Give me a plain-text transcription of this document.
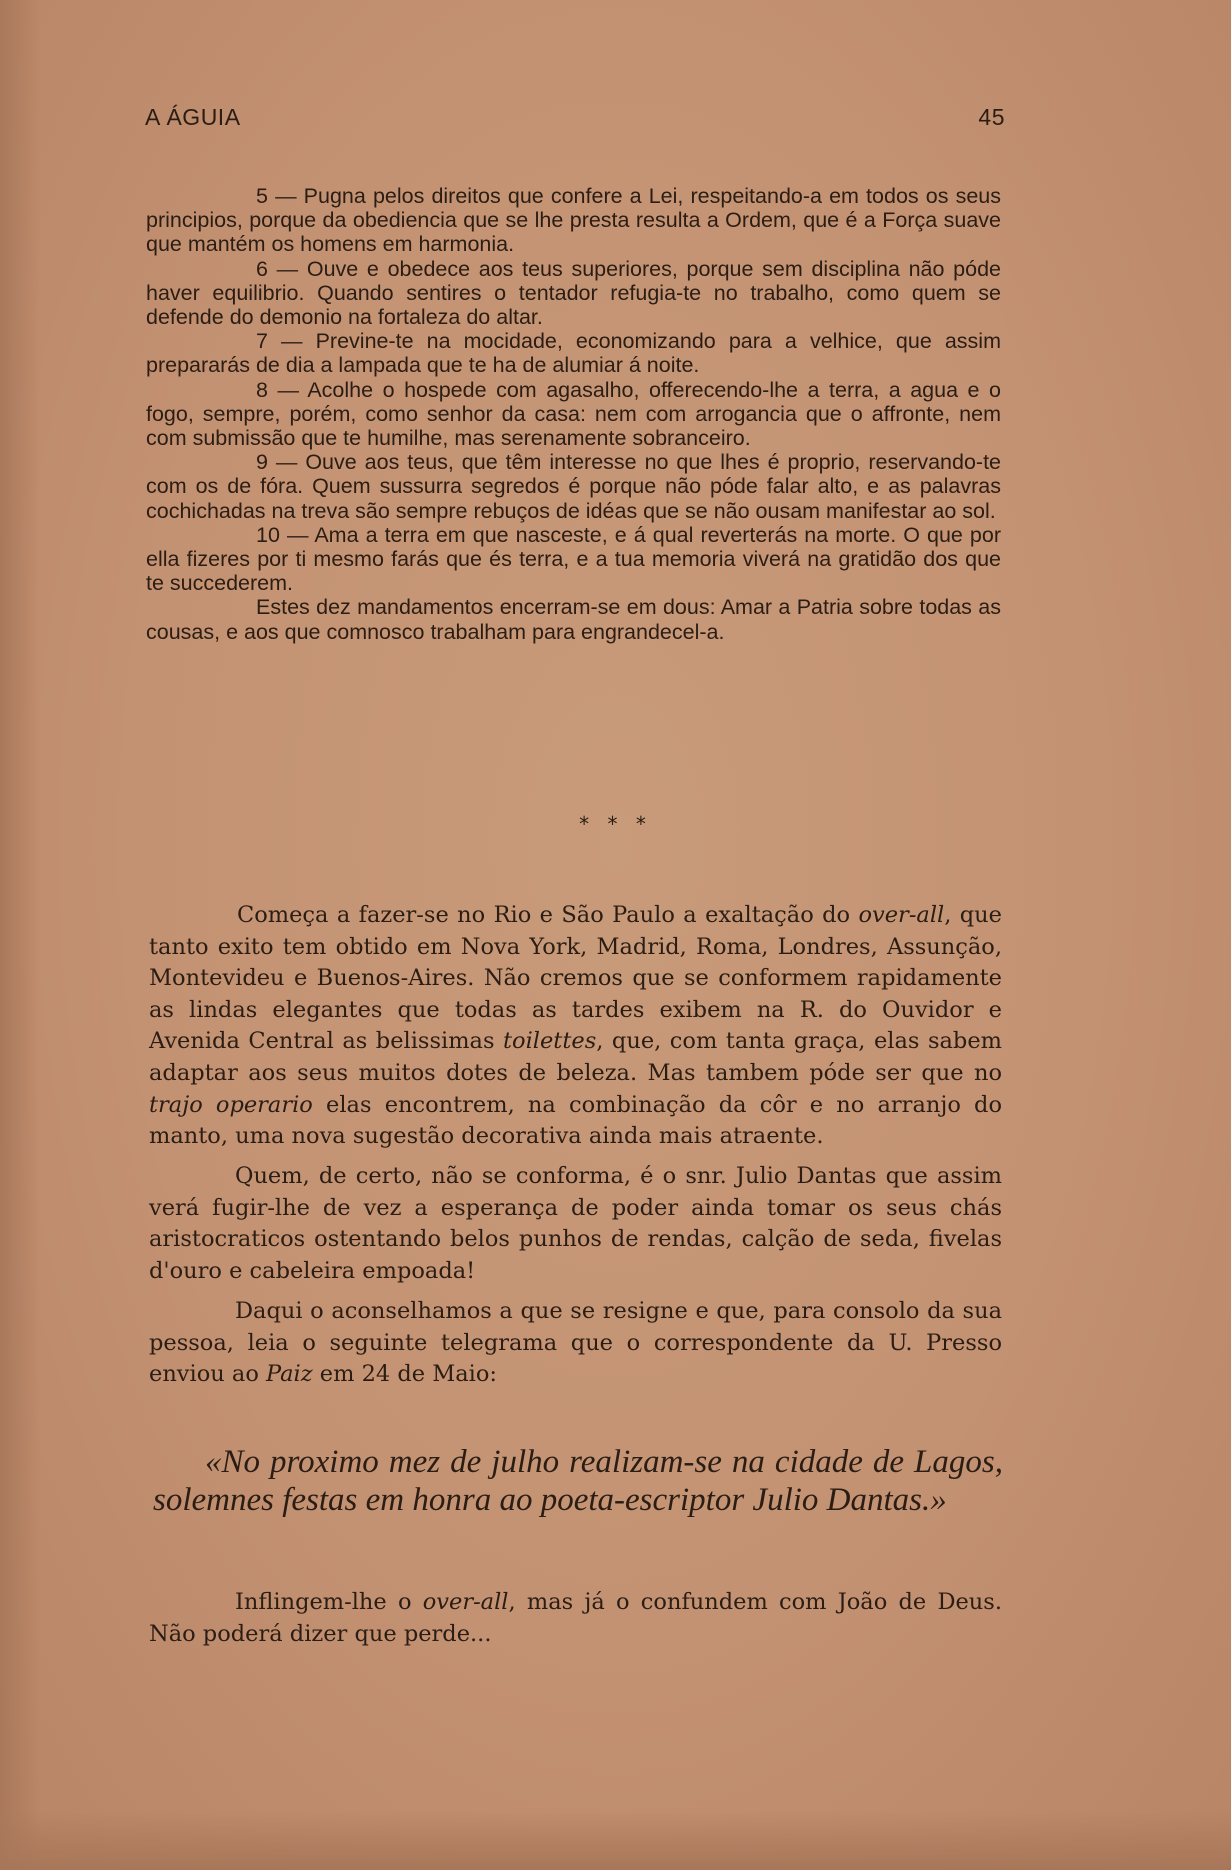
A ÁGUIA	45

5 — Pugna pelos direitos que confere a Lei, respeitando-a em todos os seus principios, porque da obediencia que se lhe presta resulta a Ordem, que é a Força suave que mantém os homens em harmonia.

6 — Ouve e obedece aos teus superiores, porque sem disciplina não póde haver equilibrio. Quando sentires o tentador refugia-te no trabalho, como quem se defende do demonio na fortaleza do altar.

7 — Previne-te na mocidade, economizando para a velhice, que assim prepararás de dia a lampada que te ha de alumiar á noite.

8 — Acolhe o hospede com agasalho, offerecendo-lhe a terra, a agua e o fogo, sempre, porém, como senhor da casa: nem com arrogancia que o affronte, nem com submissão que te humilhe, mas serenamente sobranceiro.

9 — Ouve aos teus, que têm interesse no que lhes é proprio, reservando-te com os de fóra. Quem sussurra segredos é porque não póde falar alto, e as palavras cochichadas na treva são sempre rebuços de idéas que se não ousam manifestar ao sol.

10 — Ama a terra em que nasceste, e á qual reverterás na morte. O que por ella fizeres por ti mesmo farás que és terra, e a tua memoria viverá na gratidão dos que te succederem.

Estes dez mandamentos encerram-se em dous: Amar a Patria sobre todas as cousas, e aos que comnosco trabalham para engrandecel-a.

* * *

Começa a fazer-se no Rio e São Paulo a exaltação do over-all, que tanto exito tem obtido em Nova York, Madrid, Roma, Londres, Assunção, Montevideu e Buenos-Aires. Não cremos que se conformem rapidamente as lindas elegantes que todas as tardes exibem na R. do Ouvidor e Avenida Central as belissimas toilettes, que, com tanta graça, elas sabem adaptar aos seus muitos dotes de beleza. Mas tambem póde ser que no trajo operario elas encontrem, na combinação da côr e no arranjo do manto, uma nova sugestão decorativa ainda mais atraente.

Quem, de certo, não se conforma, é o snr. Julio Dantas que assim verá fugir-lhe de vez a esperança de poder ainda tomar os seus chás aristocraticos ostentando belos punhos de rendas, calção de seda, fivelas d'ouro e cabeleira empoada!

Daqui o aconselhamos a que se resigne e que, para consolo da sua pessoa, leia o seguinte telegrama que o correspondente da U. Presso enviou ao Paiz em 24 de Maio:

«No proximo mez de julho realizam-se na cidade de Lagos, solemnes festas em honra ao poeta-escriptor Julio Dantas.»

Inflingem-lhe o over-all, mas já o confundem com João de Deus. Não poderá dizer que perde...
